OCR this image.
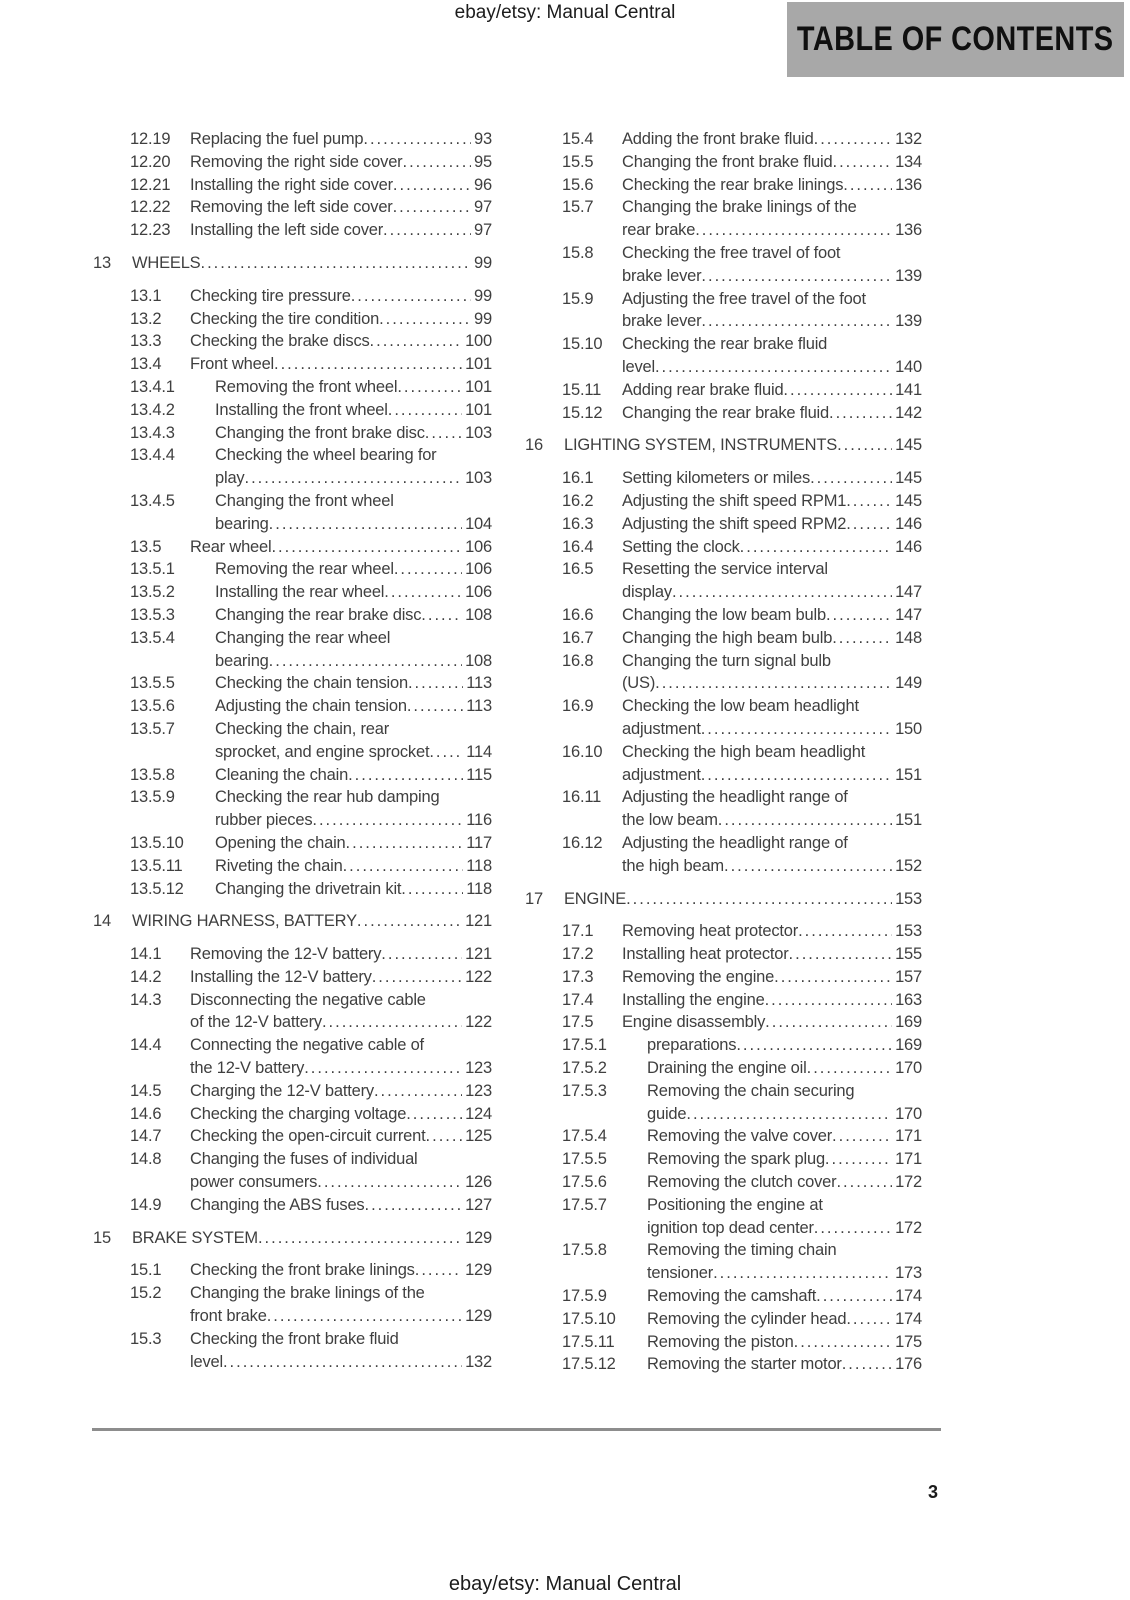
ebay/etsy: Manual Central
TABLE OF CONTENTS
12.19	Replacing the fuel pump .....	93
12.20	Removing the right side cover .....	95
12.21	Installing the right side cover .....	96
12.22	Removing the left side cover .....	97
12.23	Installing the left side cover .....	97
13	WHEELS .....	99
13.1	Checking tire pressure .....	99
13.2	Checking the tire condition .....	99
13.3	Checking the brake discs .....	100
13.4	Front wheel .....	101
13.4.1	Removing the front wheel .....	101
13.4.2	Installing the front wheel .....	101
13.4.3	Changing the front brake disc ..... 103
13.4.4	Checking the wheel bearing for
play .....	103
13.4.5	Changing the front wheel
bearing .....	104
13.5	Rear wheel .....	106
13.5.1	Removing the rear wheel .....	106
13.5.2	Installing the rear wheel .....	106
13.5.3	Changing the rear brake disc .....	108
13.5.4	Changing the rear wheel
bearing .....	108
13.5.5	Checking the chain tension .....	113
13.5.6	Adjusting the chain tension .....	113
13.5.7	Checking the chain, rear
sprocket, and engine sprocket ..... 114
13.5.8	Cleaning the chain .....	115
13.5.9	Checking the rear hub damping
rubber pieces .....	116
13.5.10	Opening the chain .....	117
13.5.11	Riveting the chain .....	118
13.5.12	Changing the drivetrain kit .....	118
14	WIRING HARNESS, BATTERY .....	121
14.1	Removing the 12-V battery .....	121
14.2	Installing the 12-V battery .....	122
14.3	Disconnecting the negative cable
of the 12-V battery .....	122
14.4	Connecting the negative cable of
the 12-V battery .....	123
14.5	Charging the 12-V battery .....	123
14.6	Checking the charging voltage .....	124
14.7	Checking the open-circuit current ..... 125
14.8	Changing the fuses of individual
power consumers .....	126
14.9	Changing the ABS fuses .....	127
15	BRAKE SYSTEM .....	129
15.1	Checking the front brake linings .....	129
15.2	Changing the brake linings of the
front brake .....	129
15.3	Checking the front brake fluid
level .....	132
15.4	Adding the front brake fluid .....	132
15.5	Changing the front brake fluid .....	134
15.6	Checking the rear brake linings .....	136
15.7	Changing the brake linings of the
rear brake .....	136
15.8	Checking the free travel of foot
brake lever .....	139
15.9	Adjusting the free travel of the foot
brake lever .....	139
15.10	Checking the rear brake fluid
level .....	140
15.11	Adding rear brake fluid .....	141
15.12	Changing the rear brake fluid .....	142
16	LIGHTING SYSTEM, INSTRUMENTS .....	145
16.1	Setting kilometers or miles .....	145
16.2	Adjusting the shift speed RPM1 .....	145
16.3	Adjusting the shift speed RPM2 .....	146
16.4	Setting the clock .....	146
16.5	Resetting the service interval
display .....	147
16.6	Changing the low beam bulb .....	147
16.7	Changing the high beam bulb .....	148
16.8	Changing the turn signal bulb
(US) .....	149
16.9	Checking the low beam headlight
adjustment .....	150
16.10	Checking the high beam headlight
adjustment .....	151
16.11	Adjusting the headlight range of
the low beam .....	151
16.12	Adjusting the headlight range of
the high beam .....	152
17	ENGINE .....	153
17.1	Removing heat protector .....	153
17.2	Installing heat protector .....	155
17.3	Removing the engine .....	157
17.4	Installing the engine .....	163
17.5	Engine disassembly .....	169
17.5.1	preparations .....	169
17.5.2	Draining the engine oil .....	170
17.5.3	Removing the chain securing
guide .....	170
17.5.4	Removing the valve cover .....	171
17.5.5	Removing the spark plug .....	171
17.5.6	Removing the clutch cover .....	172
17.5.7	Positioning the engine at
ignition top dead center .....	172
17.5.8	Removing the timing chain
tensioner .....	173
17.5.9	Removing the camshaft .....	174
17.5.10	Removing the cylinder head .....	174
17.5.11	Removing the piston .....	175
17.5.12	Removing the starter motor .....	176
3
ebay/etsy: Manual Central
